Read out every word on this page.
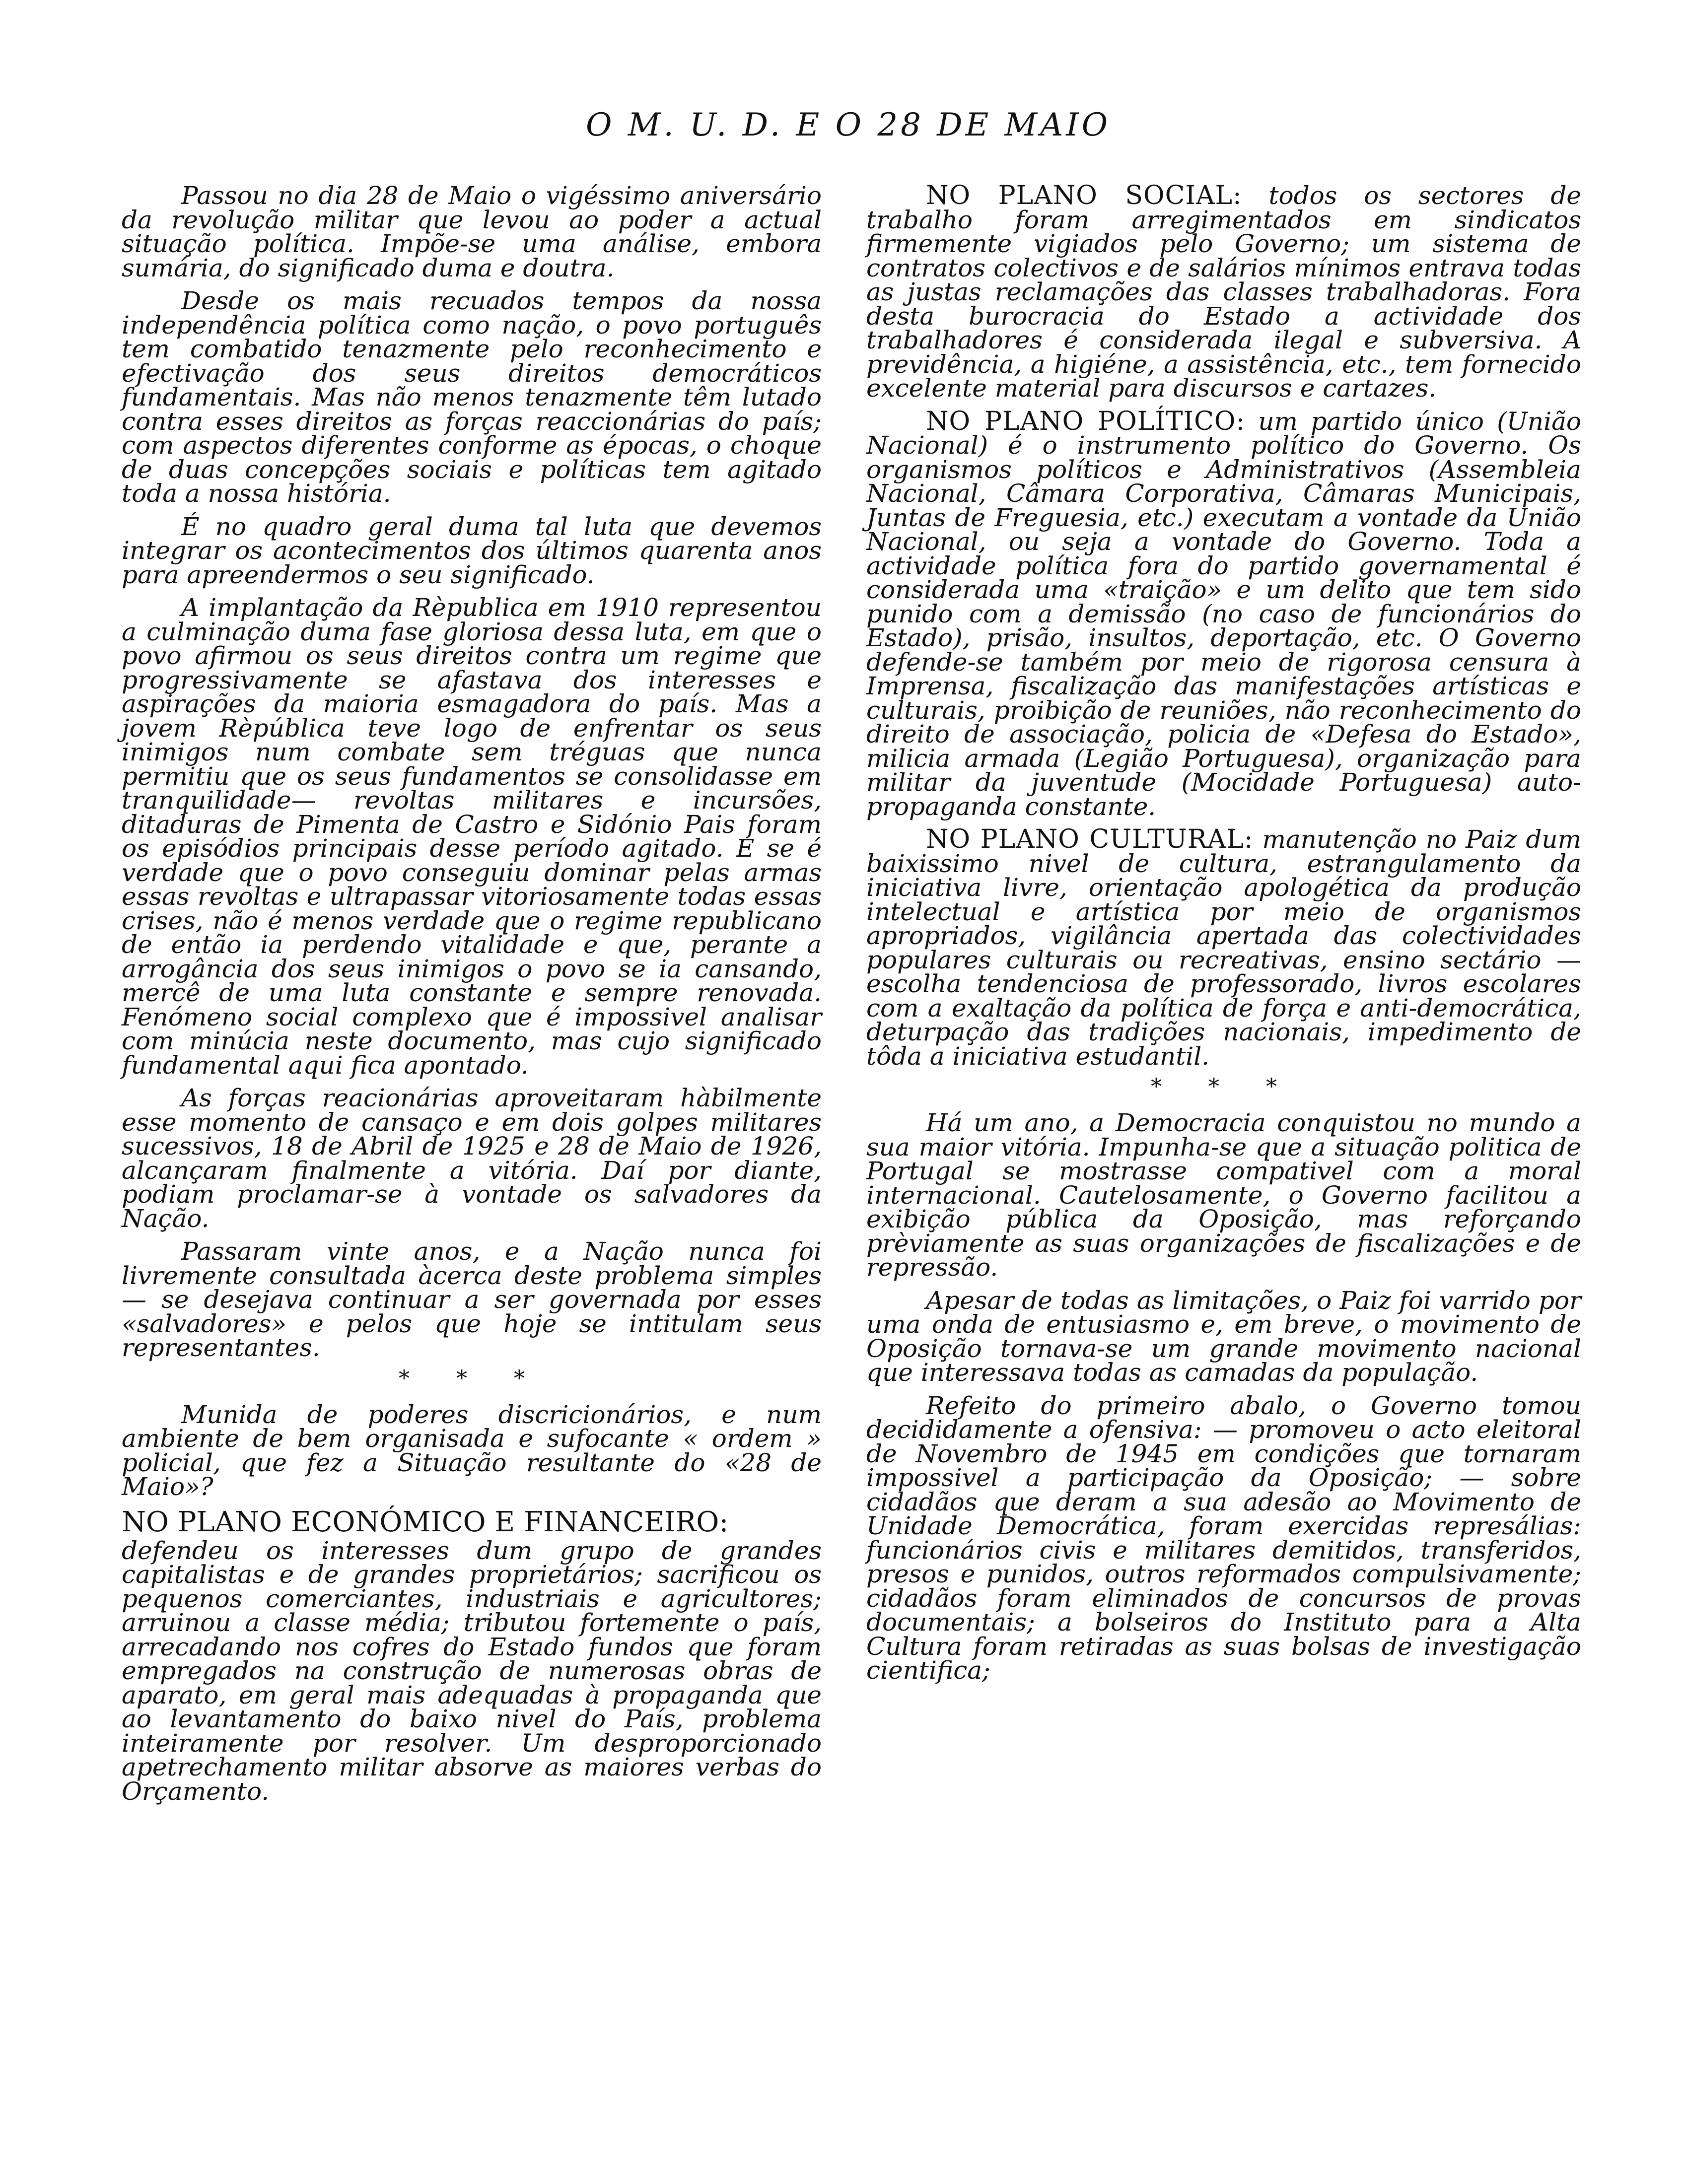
O M. U. D. E O 28 DE MAIO

Passou no dia 28 de Maio o vigéssimo aniversário da revolução militar que levou ao poder a actual situação política. Impõe-se uma análise, embora sumária, do significado duma e doutra.

Desde os mais recuados tempos da nossa independência política como nação, o povo português tem combatido tenazmente pelo reconhecimento e efectivação dos seus direitos democráticos fundamentais. Mas não menos tenazmente têm lutado contra esses direitos as forças reaccionárias do país; com aspectos diferentes conforme as épocas, o choque de duas concepções sociais e políticas tem agitado toda a nossa história.

É no quadro geral duma tal luta que devemos integrar os acontecimentos dos últimos quarenta anos para apreendermos o seu significado.

A implantação da Rèpublica em 1910 representou a culminação duma fase gloriosa dessa luta, em que o povo afirmou os seus direitos contra um regime que progressivamente se afastava dos interesses e aspirações da maioria esmagadora do país. Mas a jovem Rèpública teve logo de enfrentar os seus inimigos num combate sem tréguas que nunca permitiu que os seus fundamentos se consolidasse em tranquilidade— revoltas militares e incursões, ditaduras de Pimenta de Castro e Sidónio Pais foram os episódios principais desse período agitado. E se é verdade que o povo conseguiu dominar pelas armas essas revoltas e ultrapassar vitoriosamente todas essas crises, não é menos verdade que o regime republicano de então ia perdendo vitalidade e que, perante a arrogância dos seus inimigos o povo se ia cansando, mercê de uma luta constante e sempre renovada. Fenómeno social complexo que é impossivel analisar com minúcia neste documento, mas cujo significado fundamental aqui fica apontado.

As forças reacionárias aproveitaram hàbilmente esse momento de cansaço e em dois golpes militares sucessivos, 18 de Abril de 1925 e 28 de Maio de 1926, alcançaram finalmente a vitória. Daí por diante, podiam proclamar-se à vontade os salvadores da Nação.

Passaram vinte anos, e a Nação nunca foi livremente consultada àcerca deste problema simples — se desejava continuar a ser governada por esses «salvadores» e pelos que hoje se intitulam seus representantes.

* * *

Munida de poderes discricionários, e num ambiente de bem organisada e sufocante « ordem » policial, que fez a Situação resultante do «28 de Maio»?

NO PLANO ECONÓMICO E FINANCEIRO:

defendeu os interesses dum grupo de grandes capitalistas e de grandes proprietários; sacrificou os pequenos comerciantes, industriais e agricultores; arruinou a classe média; tributou fortemente o país, arrecadando nos cofres do Estado fundos que foram empregados na construção de numerosas obras de aparato, em geral mais adequadas à propaganda que ao levantamento do baixo nivel do País, problema inteiramente por resolver. Um desproporcionado apetrechamento militar absorve as maiores verbas do Orçamento.

NO PLANO SOCIAL: todos os sectores de trabalho foram arregimentados em sindicatos firmemente vigiados pelo Governo; um sistema de contratos colectivos e de salários mínimos entrava todas as justas reclamações das classes trabalhadoras. Fora desta burocracia do Estado a actividade dos trabalhadores é considerada ilegal e subversiva. A previdência, a higiéne, a assistência, etc., tem fornecido excelente material para discursos e cartazes.

NO PLANO POLÍTICO: um partido único (União Nacional) é o instrumento político do Governo. Os organismos políticos e Administrativos (Assembleia Nacional, Câmara Corporativa, Câmaras Municipais, Juntas de Freguesia, etc.) executam a vontade da União Nacional, ou seja a vontade do Governo. Toda a actividade política fora do partido governamental é considerada uma «traição» e um delito que tem sido punido com a demissão (no caso de funcionários do Estado), prisão, insultos, deportação, etc. O Governo defende-se também por meio de rigorosa censura à Imprensa, fiscalização das manifestações artísticas e culturais, proibição de reuniões, não reconhecimento do direito de associação, policia de «Defesa do Estado», milicia armada (Legião Portuguesa), organização para militar da juventude (Mocidade Portuguesa) auto-propaganda constante.

NO PLANO CULTURAL: manutenção no Paiz dum baixissimo nivel de cultura, estrangulamento da iniciativa livre, orientação apologética da produção intelectual e artística por meio de organismos apropriados, vigilância apertada das colectividades populares culturais ou recreativas, ensino sectário — escolha tendenciosa de professorado, livros escolares com a exaltação da política de força e anti-democrática, deturpação das tradições nacionais, impedimento de tôda a iniciativa estudantil.

* * *

Há um ano, a Democracia conquistou no mundo a sua maior vitória. Impunha-se que a situação politica de Portugal se mostrasse compativel com a moral internacional. Cautelosamente, o Governo facilitou a exibição pública da Oposição, mas reforçando prèviamente as suas organizações de fiscalizações e de repressão.

Apesar de todas as limitações, o Paiz foi varrido por uma onda de entusiasmo e, em breve, o movimento de Oposição tornava-se um grande movimento nacional que interessava todas as camadas da população.

Refeito do primeiro abalo, o Governo tomou decididamente a ofensiva: — promoveu o acto eleitoral de Novembro de 1945 em condições que tornaram impossivel a participação da Oposição; — sobre cidadãos que deram a sua adesão ao Movimento de Unidade Democrática, foram exercidas represálias: funcionários civis e militares demitidos, transferidos, presos e punidos, outros reformados compulsivamente; cidadãos foram eliminados de concursos de provas documentais; a bolseiros do Instituto para a Alta Cultura foram retiradas as suas bolsas de investigação cientifica;
